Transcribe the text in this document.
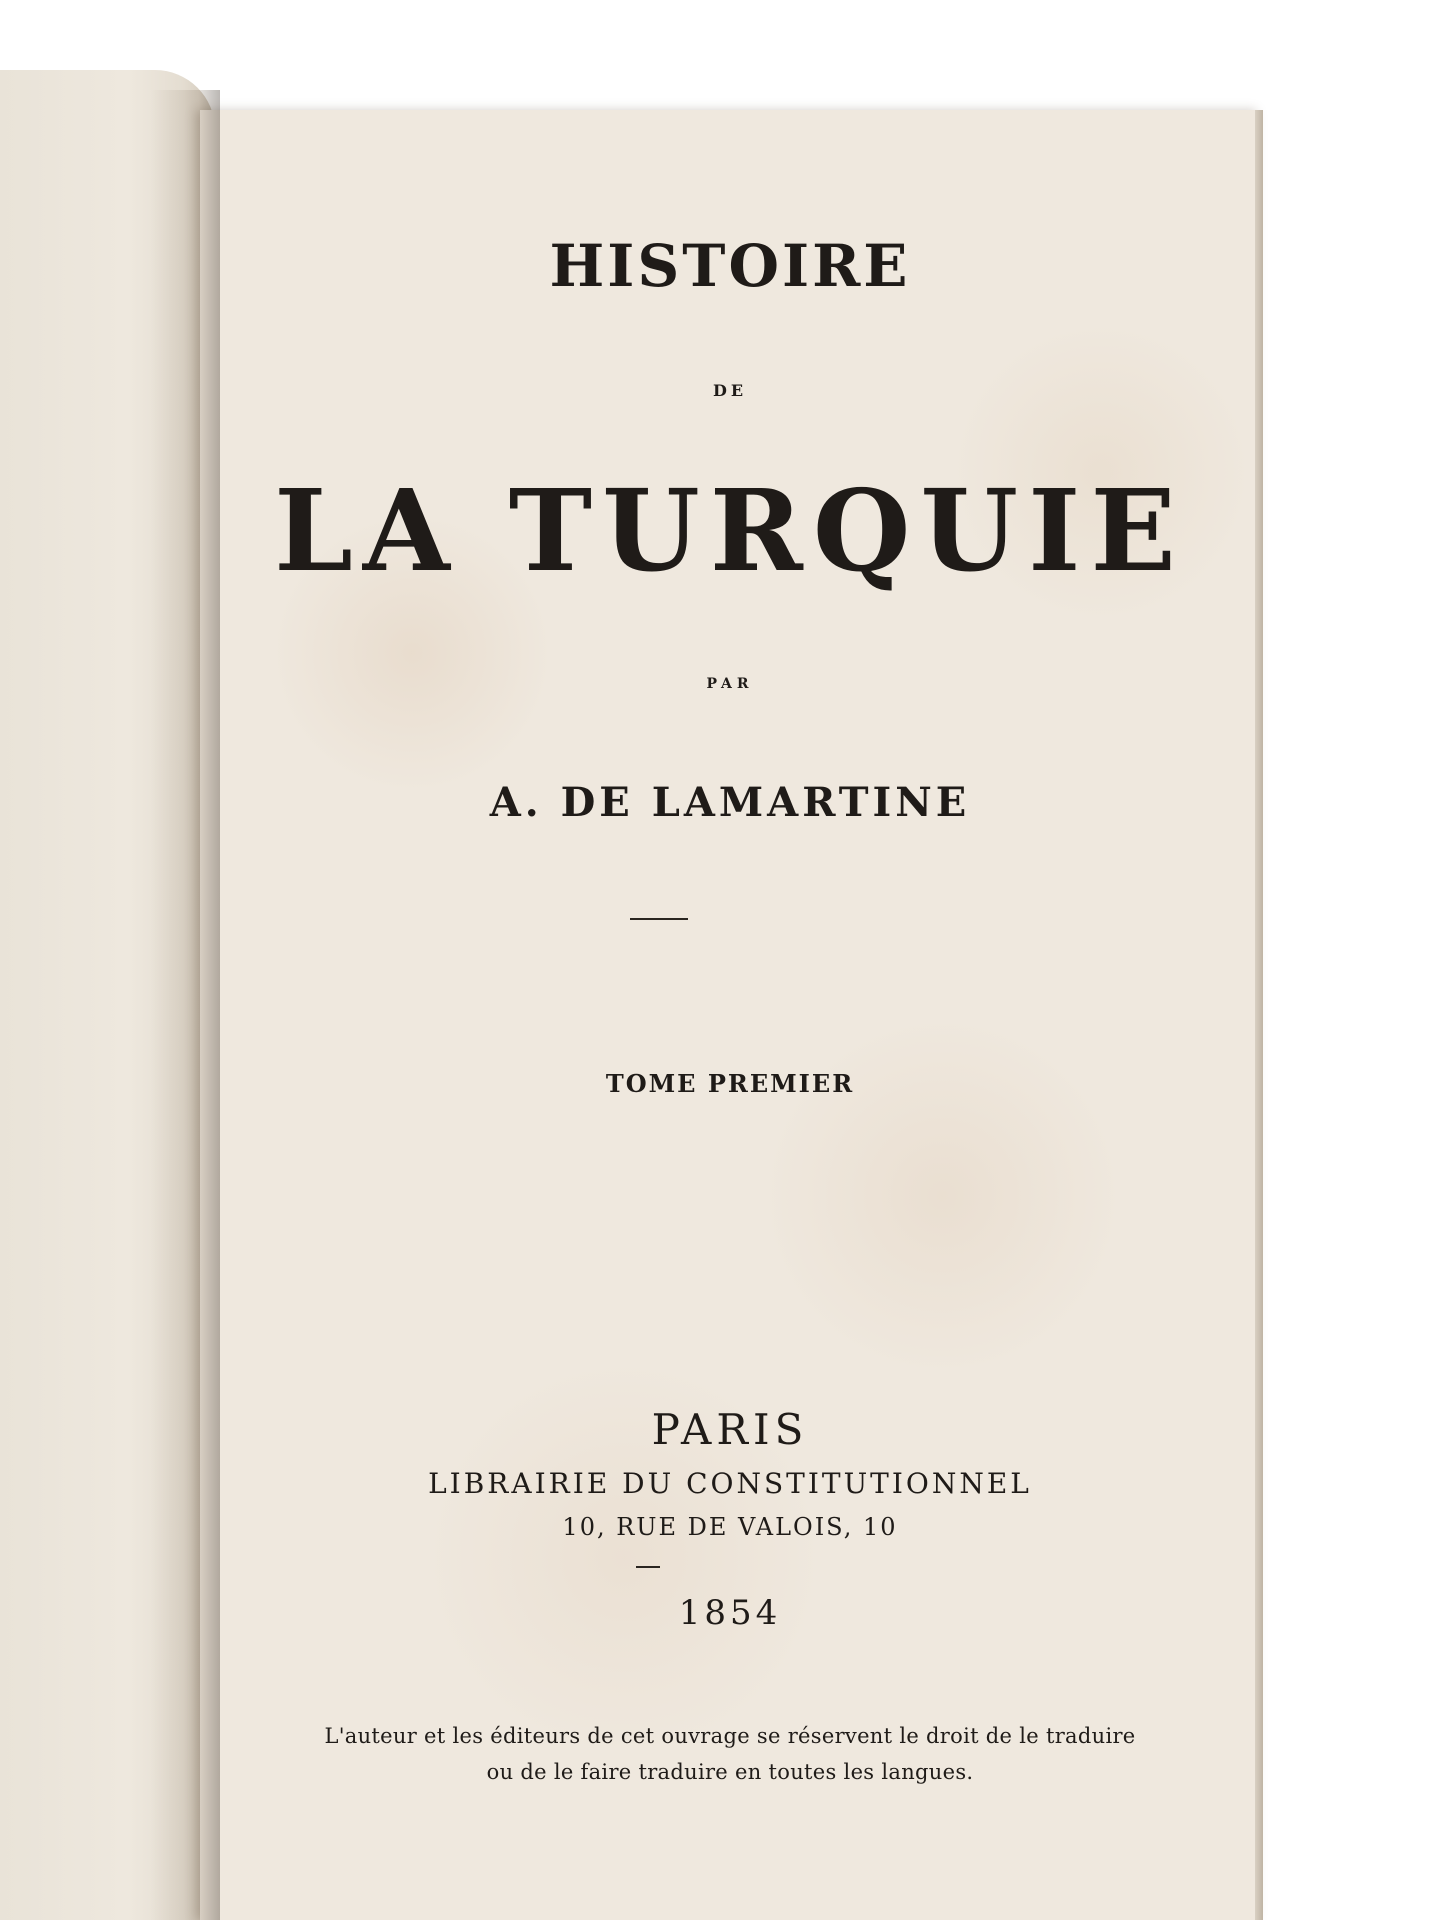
HISTOIRE

DE

LA TURQUIE

PAR

A. DE LAMARTINE

TOME PREMIER

PARIS

LIBRAIRIE DU CONSTITUTIONNEL

10, RUE DE VALOIS, 10

1854

L'auteur et les éditeurs de cet ouvrage se réservent le droit de le traduire

ou de le faire traduire en toutes les langues.
